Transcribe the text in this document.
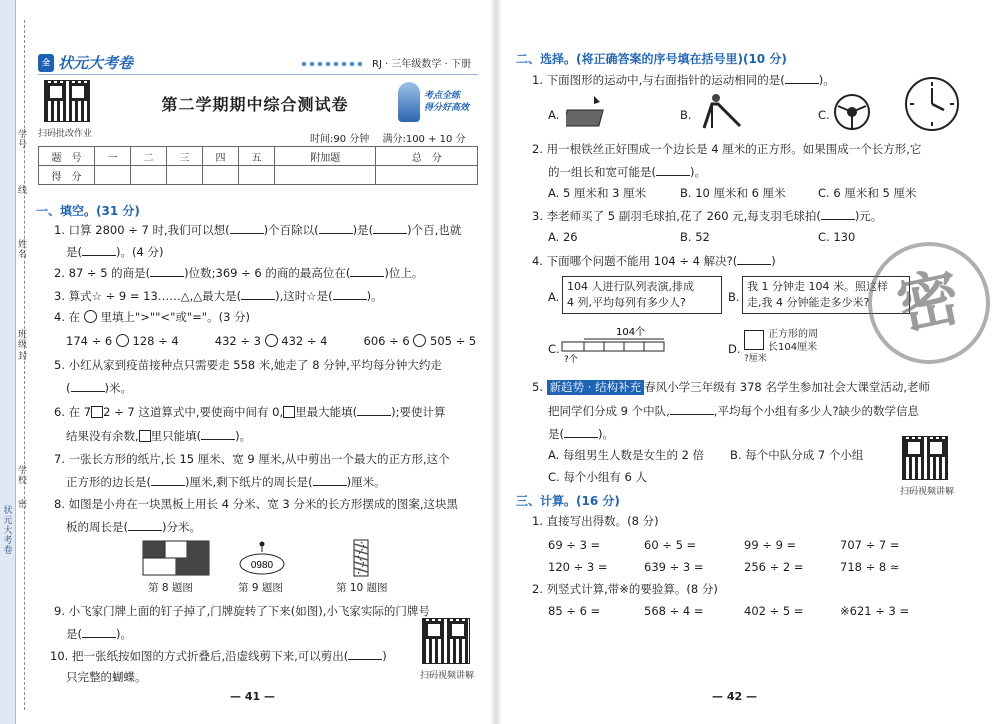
状元大考卷
学号
姓名
班级
学校
线
封
密
全 状元大考卷	RJ · 三年级数学 · 下册
扫码批改作业
第二学期期中综合测试卷	考点全练
得分好高效
时间:90 分钟 满分:100 + 10 分
题　号	一	二	三	四	五	附加题	总　分
得　分							
一、填空。(31 分)
1. 口算 2800 ÷ 7 时,我们可以想(	)个百除以(	)是(	)个百,也就
是(	)。(4 分)
2. 87 ÷ 5 的商是(	)位数;369 ÷ 6 的商的最高位在(	)位上。
3. 算式☆ ÷ 9 = 13……△,△最大是(	),这时☆是(	)。
4. 在 里填上">""<"或"="。(3 分)
174 ÷ 6 128 ÷ 4	432 ÷ 3 432 ÷ 4	606 ÷ 6 505 ÷ 5
5. 小红从家到疫苗接种点只需要走 558 米,她走了 8 分钟,平均每分钟大约走
(	)米。
6. 在 7 2 ÷ 7 这道算式中,要使商中间有 0, 里最大能填(	);要使计算
结果没有余数, 里只能填(	)。
7. 一张长方形的纸片,长 15 厘米、宽 9 厘米,从中剪出一个最大的正方形,这个
正方形的边长是(	)厘米,剩下纸片的周长是(	)厘米。
8. 如图是小舟在一块黑板上用长 4 分米、宽 3 分米的长方形摆成的图案,这块黑
板的周长是(	)分米。
第 8 题图
0980
第 9 题图	第 10 题图
9. 小飞家门牌上面的钉子掉了,门牌旋转了下来(如图),小飞家实际的门牌号
是(	)。
10. 把一张纸按如图的方式折叠后,沿虚线剪下来,可以剪出(	)
只完整的蝴蝶。	扫码视频讲解
— 41 —
二、选择。(将正确答案的序号填在括号里)(10 分)
1. 下面图形的运动中,与右面指针的运动相同的是(	)。
A.	B.	C.
2. 用一根铁丝正好围成一个边长是 4 厘米的正方形。如果围成一个长方形,它
的一组长和宽可能是(	)。
A. 5 厘米和 3 厘米	B. 10 厘米和 6 厘米	C. 6 厘米和 5 厘米
3. 李老师买了 5 副羽毛球拍,花了 260 元,每支羽毛球拍(	)元。
A. 26	B. 52	C. 130
4. 下面哪个问题不能用 104 ÷ 4 解决?(	)
A.
104 人进行队列表演,排成
4 列,平均每列有多少人?	B.
我 1 分钟走 104 米。照这样
走,我 4 分钟能走多少米?
C.
104个
?个
D.
正方形的周
长104厘米
?厘米
5. 新趋势 · 结构补充 春风小学三年级有 378 名学生参加社会大课堂活动,老师
把同学们分成 9 个中队,	,平均每个小组有多少人?缺少的数学信息
是(	)。
A. 每组男生人数是女生的 2 倍 B. 每个中队分成 7 个小组
C. 每个小组有 6 人
扫码视频讲解
三、计算。(16 分)
1. 直接写出得数。(8 分)
69 ÷ 3 =	60 ÷ 5 =	99 ÷ 9 =	707 ÷ 7 =
120 ÷ 3 =	639 ÷ 3 =	256 ÷ 2 =	718 ÷ 8 ≈
2. 列竖式计算,带※的要验算。(8 分)
85 ÷ 6 =	568 ÷ 4 =	402 ÷ 5 =	※621 ÷ 3 =
— 42 —
密
